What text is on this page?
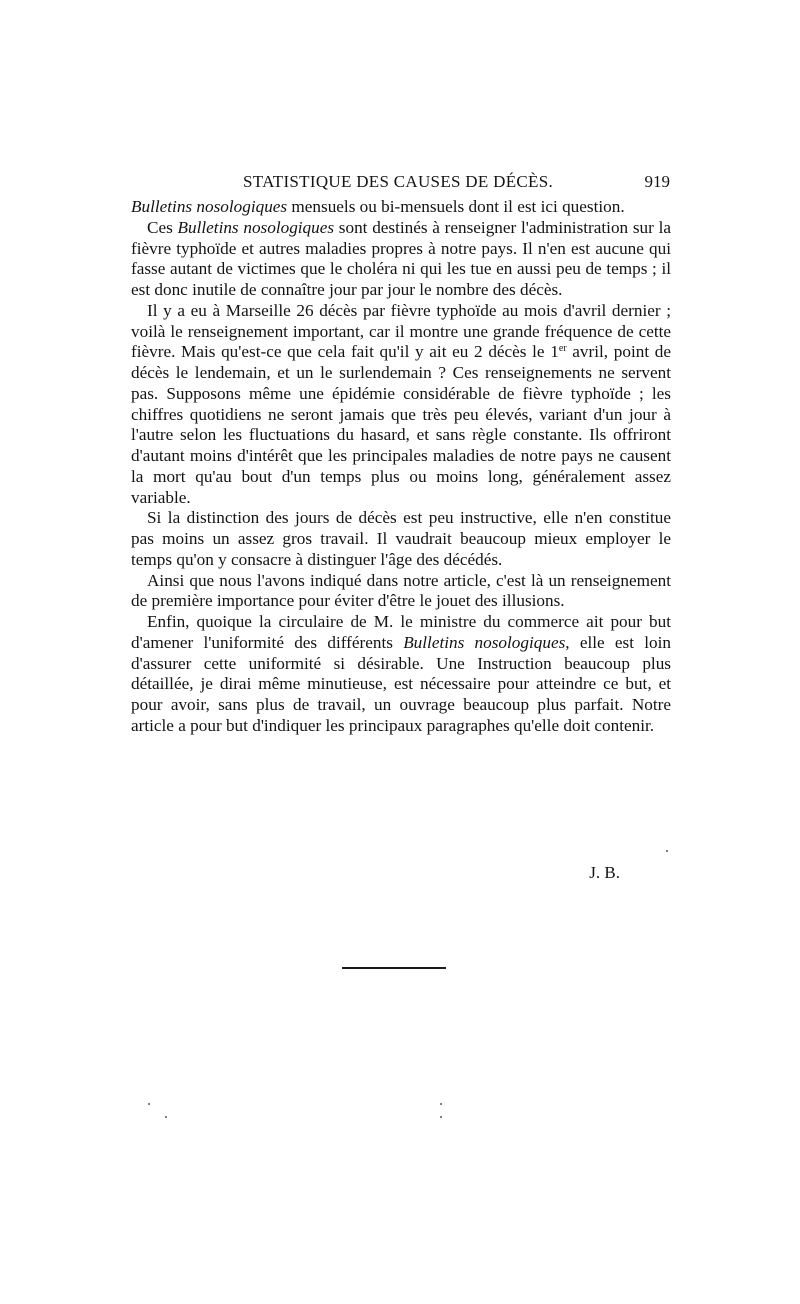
STATISTIQUE DES CAUSES DE DÉCÈS.	919

Bulletins nosologiques mensuels ou bi-mensuels dont il est ici question.

Ces Bulletins nosologiques sont destinés à renseigner l'administration sur la fièvre typhoïde et autres maladies propres à notre pays. Il n'en est aucune qui fasse autant de victimes que le choléra ni qui les tue en aussi peu de temps ; il est donc inutile de connaître jour par jour le nombre des décès.

Il y a eu à Marseille 26 décès par fièvre typhoïde au mois d'avril dernier ; voilà le renseignement important, car il montre une grande fréquence de cette fièvre. Mais qu'est-ce que cela fait qu'il y ait eu 2 décès le 1er avril, point de décès le lendemain, et un le surlendemain ? Ces renseignements ne servent pas. Supposons même une épidémie considérable de fièvre typhoïde ; les chiffres quotidiens ne seront jamais que très peu élevés, variant d'un jour à l'autre selon les fluctuations du hasard, et sans règle constante. Ils offriront d'autant moins d'intérêt que les principales maladies de notre pays ne causent la mort qu'au bout d'un temps plus ou moins long, généralement assez variable.

Si la distinction des jours de décès est peu instructive, elle n'en constitue pas moins un assez gros travail. Il vaudrait beaucoup mieux employer le temps qu'on y consacre à distinguer l'âge des décédés.

Ainsi que nous l'avons indiqué dans notre article, c'est là un renseignement de première importance pour éviter d'être le jouet des illusions.

Enfin, quoique la circulaire de M. le ministre du commerce ait pour but d'amener l'uniformité des différents Bulletins nosologiques, elle est loin d'assurer cette uniformité si désirable. Une Instruction beaucoup plus détaillée, je dirai même minutieuse, est nécessaire pour atteindre ce but, et pour avoir, sans plus de travail, un ouvrage beaucoup plus parfait. Notre article a pour but d'indiquer les principaux paragraphes qu'elle doit contenir.

J. B.
